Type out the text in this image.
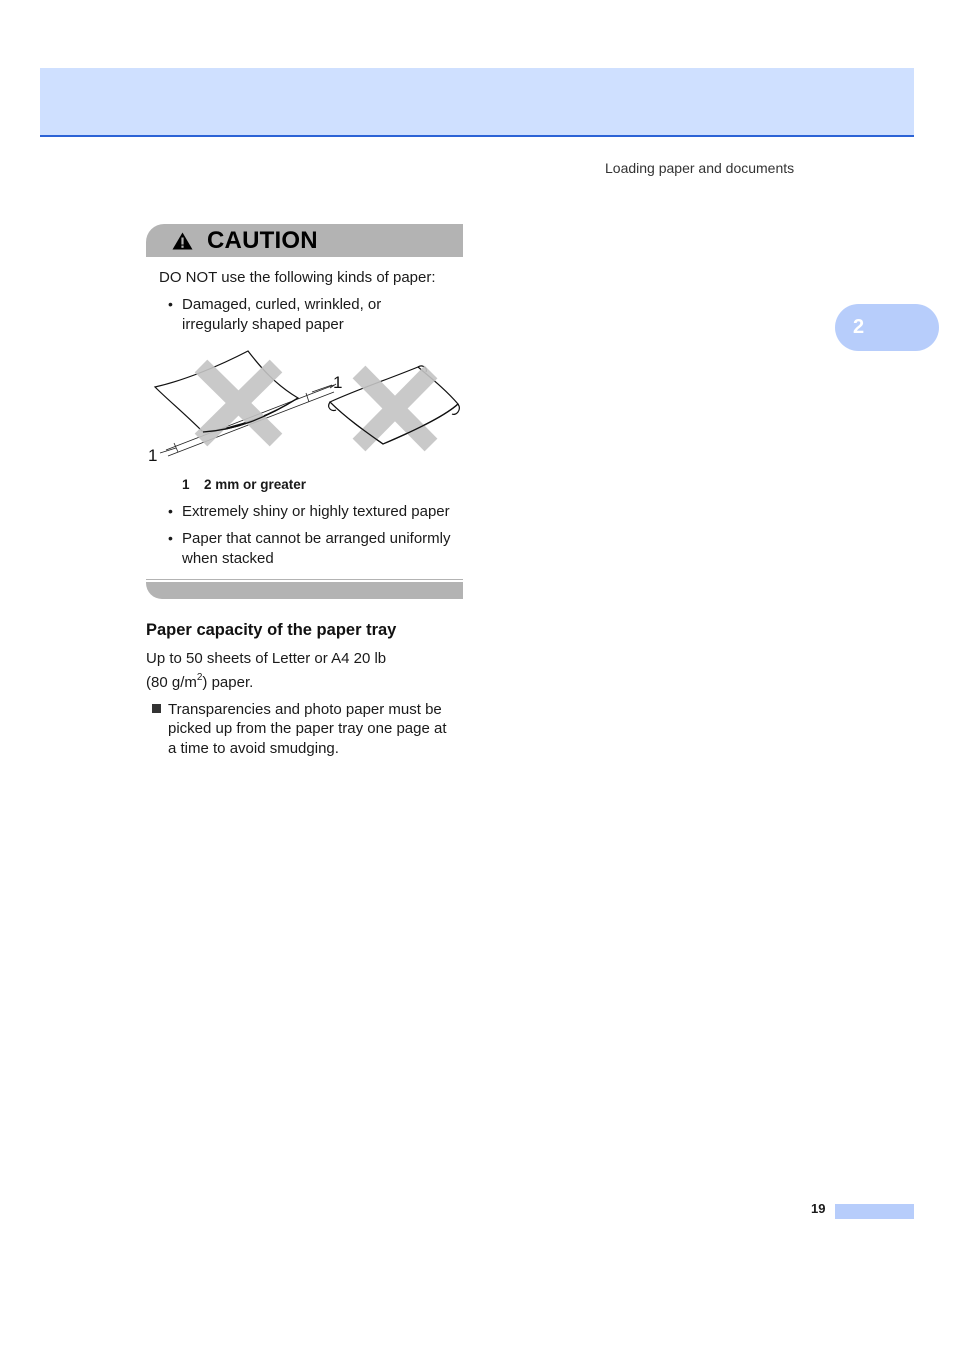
Loading paper and documents
2
CAUTION
DO NOT use the following kinds of paper:
• Damaged, curled, wrinkled, or
irregularly shaped paper
1
1
1 2 mm or greater
• Extremely shiny or highly textured paper
• Paper that cannot be arranged uniformly
when stacked
Paper capacity of the paper tray
Up to 50 sheets of Letter or A4 20 lb
(80 $g/m^2$) paper.
Transparencies and photo paper must be
picked up from the paper tray one page at
a time to avoid smudging.
19
